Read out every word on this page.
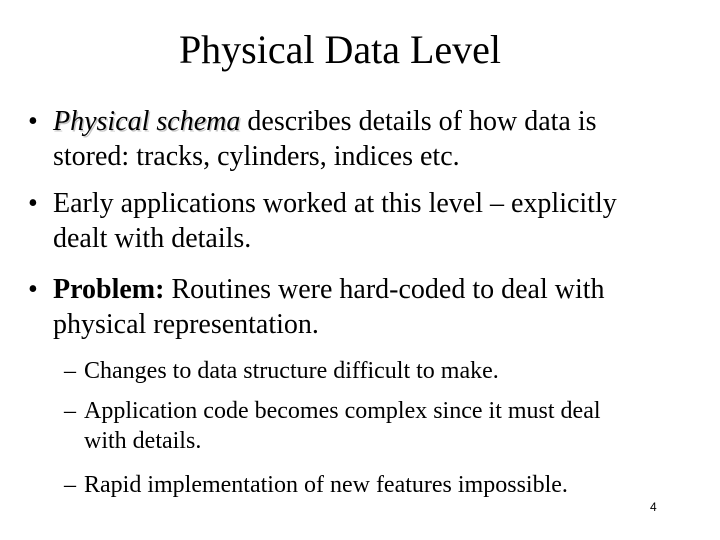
Physical Data Level
• Physical schema describes details of how data is
stored: tracks, cylinders, indices etc.
• Early applications worked at this level – explicitly
dealt with details.
• Problem: Routines were hard-coded to deal with
physical representation.
– Changes to data structure difficult to make.
– Application code becomes complex since it must deal
with details.
– Rapid implementation of new features impossible.
4
